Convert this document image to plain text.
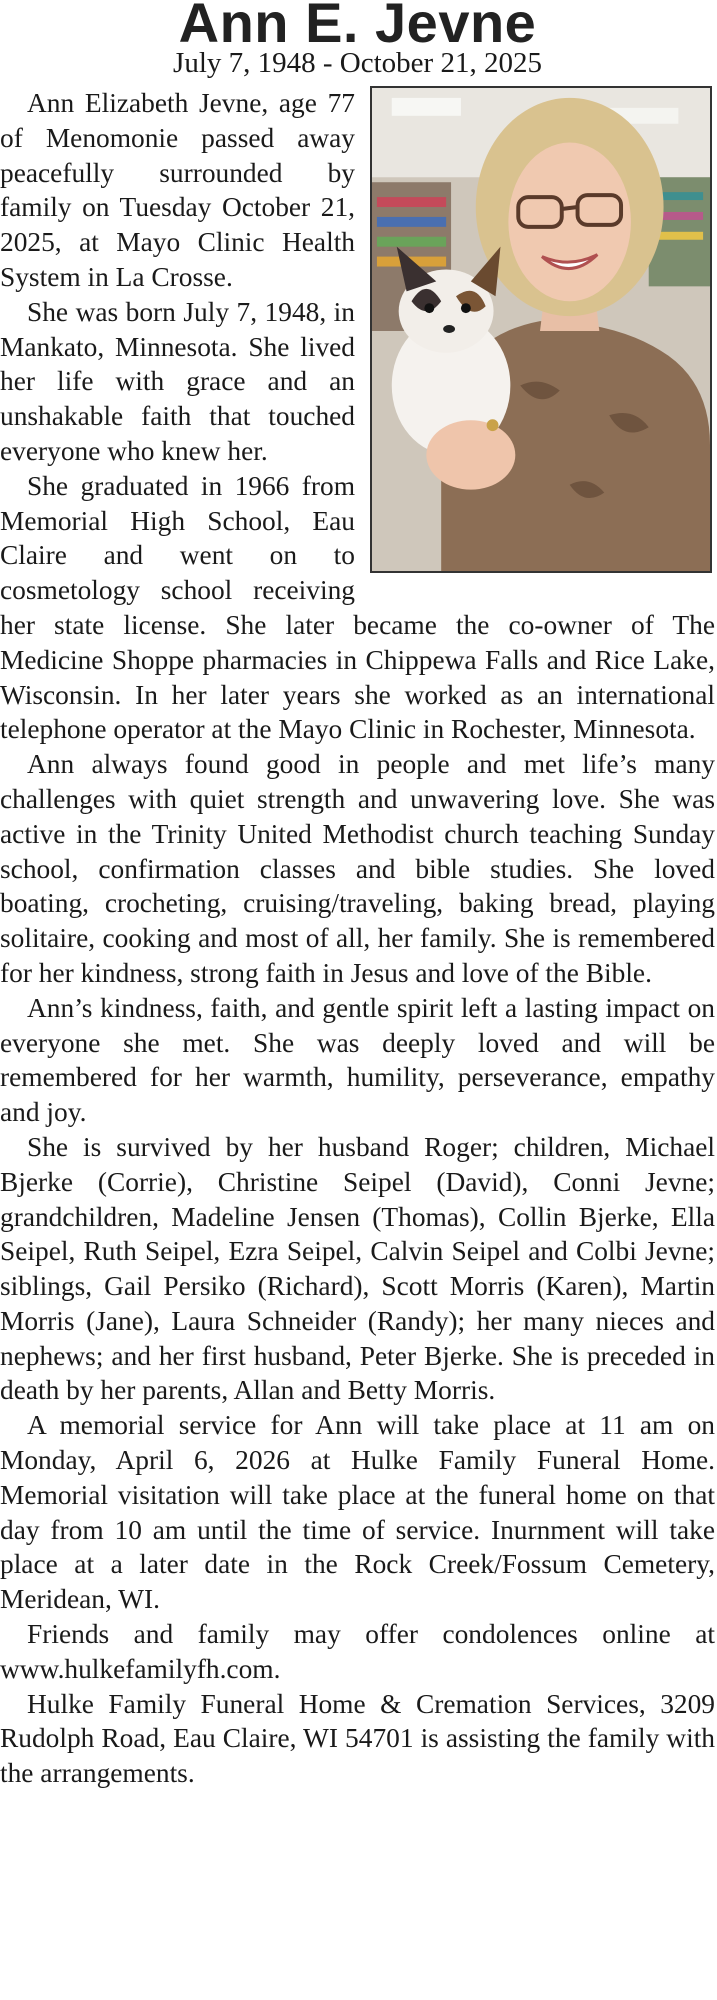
Ann E. Jevne
July 7, 1948 - October 21, 2025

Ann Elizabeth Jevne, age 77 of Menomonie passed away peacefully surrounded by family on Tuesday October 21, 2025, at Mayo Clinic Health System in La Crosse.

She was born July 7, 1948, in Mankato, Minnesota. She lived her life with grace and an unshakable faith that touched everyone who knew her.

She graduated in 1966 from Memorial High School, Eau Claire and went on to cosmetology school receiving her state license. She later became the co-owner of The Medicine Shoppe pharmacies in Chippewa Falls and Rice Lake, Wisconsin. In her later years she worked as an international telephone operator at the Mayo Clinic in Rochester, Minnesota.

Ann always found good in people and met life’s many challenges with quiet strength and unwavering love. She was active in the Trinity United Methodist church teaching Sunday school, confirmation classes and bible studies. She loved boating, crocheting, cruising/traveling, baking bread, playing solitaire, cooking and most of all, her family. She is remembered for her kindness, strong faith in Jesus and love of the Bible.

Ann’s kindness, faith, and gentle spirit left a lasting impact on everyone she met. She was deeply loved and will be remembered for her warmth, humility, perseverance, empathy and joy.

She is survived by her husband Roger; children, Michael Bjerke (Corrie), Christine Seipel (David), Conni Jevne; grandchildren, Madeline Jensen (Thomas), Collin Bjerke, Ella Seipel, Ruth Seipel, Ezra Seipel, Calvin Seipel and Colbi Jevne; siblings, Gail Persiko (Richard), Scott Morris (Karen), Martin Morris (Jane), Laura Schneider (Randy); her many nieces and nephews; and her first husband, Peter Bjerke. She is preceded in death by her parents, Allan and Betty Morris.

A memorial service for Ann will take place at 11 am on Monday, April 6, 2026 at Hulke Family Funeral Home. Memorial visitation will take place at the funeral home on that day from 10 am until the time of service. Inurnment will take place at a later date in the Rock Creek/Fossum Cemetery, Meridean, WI.

Friends and family may offer condolences online at www.hulkefamilyfh.com.

Hulke Family Funeral Home & Cremation Services, 3209 Rudolph Road, Eau Claire, WI 54701 is assisting the family with the arrangements.
